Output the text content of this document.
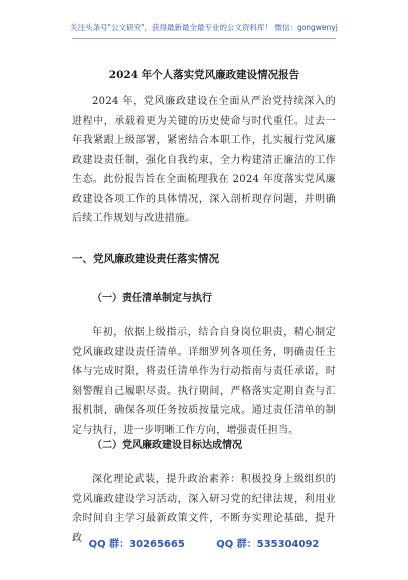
关注头条号"公文研究"，获得最新最全最专业的公文资料库！ 微信：gongwenyj
2024 年个人落实党风廉政建设情况报告

2024 年，党风廉政建设在全面从严治党持续深入的进程中，承载着更为关键的历史使命与时代重任。过去一年我紧跟上级部署，紧密结合本职工作，扎实履行党风廉政建设责任制，强化自我约束，全力构建清正廉洁的工作生态。此份报告旨在全面梳理我在 2024 年度落实党风廉政建设各项工作的具体情况，深入剖析现存问题，并明确后续工作规划与改进措施。

一、党风廉政建设责任落实情况
（一）责任清单制定与执行

年初，依据上级指示，结合自身岗位职责，精心制定党风廉政建设责任清单。详细罗列各项任务，明确责任主体与完成时限，将责任清单作为行动指南与责任承诺，时刻警醒自己履职尽责。执行期间，严格落实定期自查与汇报机制，确保各项任务按质按量完成。通过责任清单的制定与执行，进一步明晰工作方向，增强责任担当。

（二）党风廉政建设目标达成情况

深化理论武装，提升政治素养：积极投身上级组织的党风廉政建设学习活动，深入研习党的纪律法规，利用业余时间自主学习最新政策文件，不断夯实理论基础，提升政

QQ 群：30265665	QQ 群：535304092
